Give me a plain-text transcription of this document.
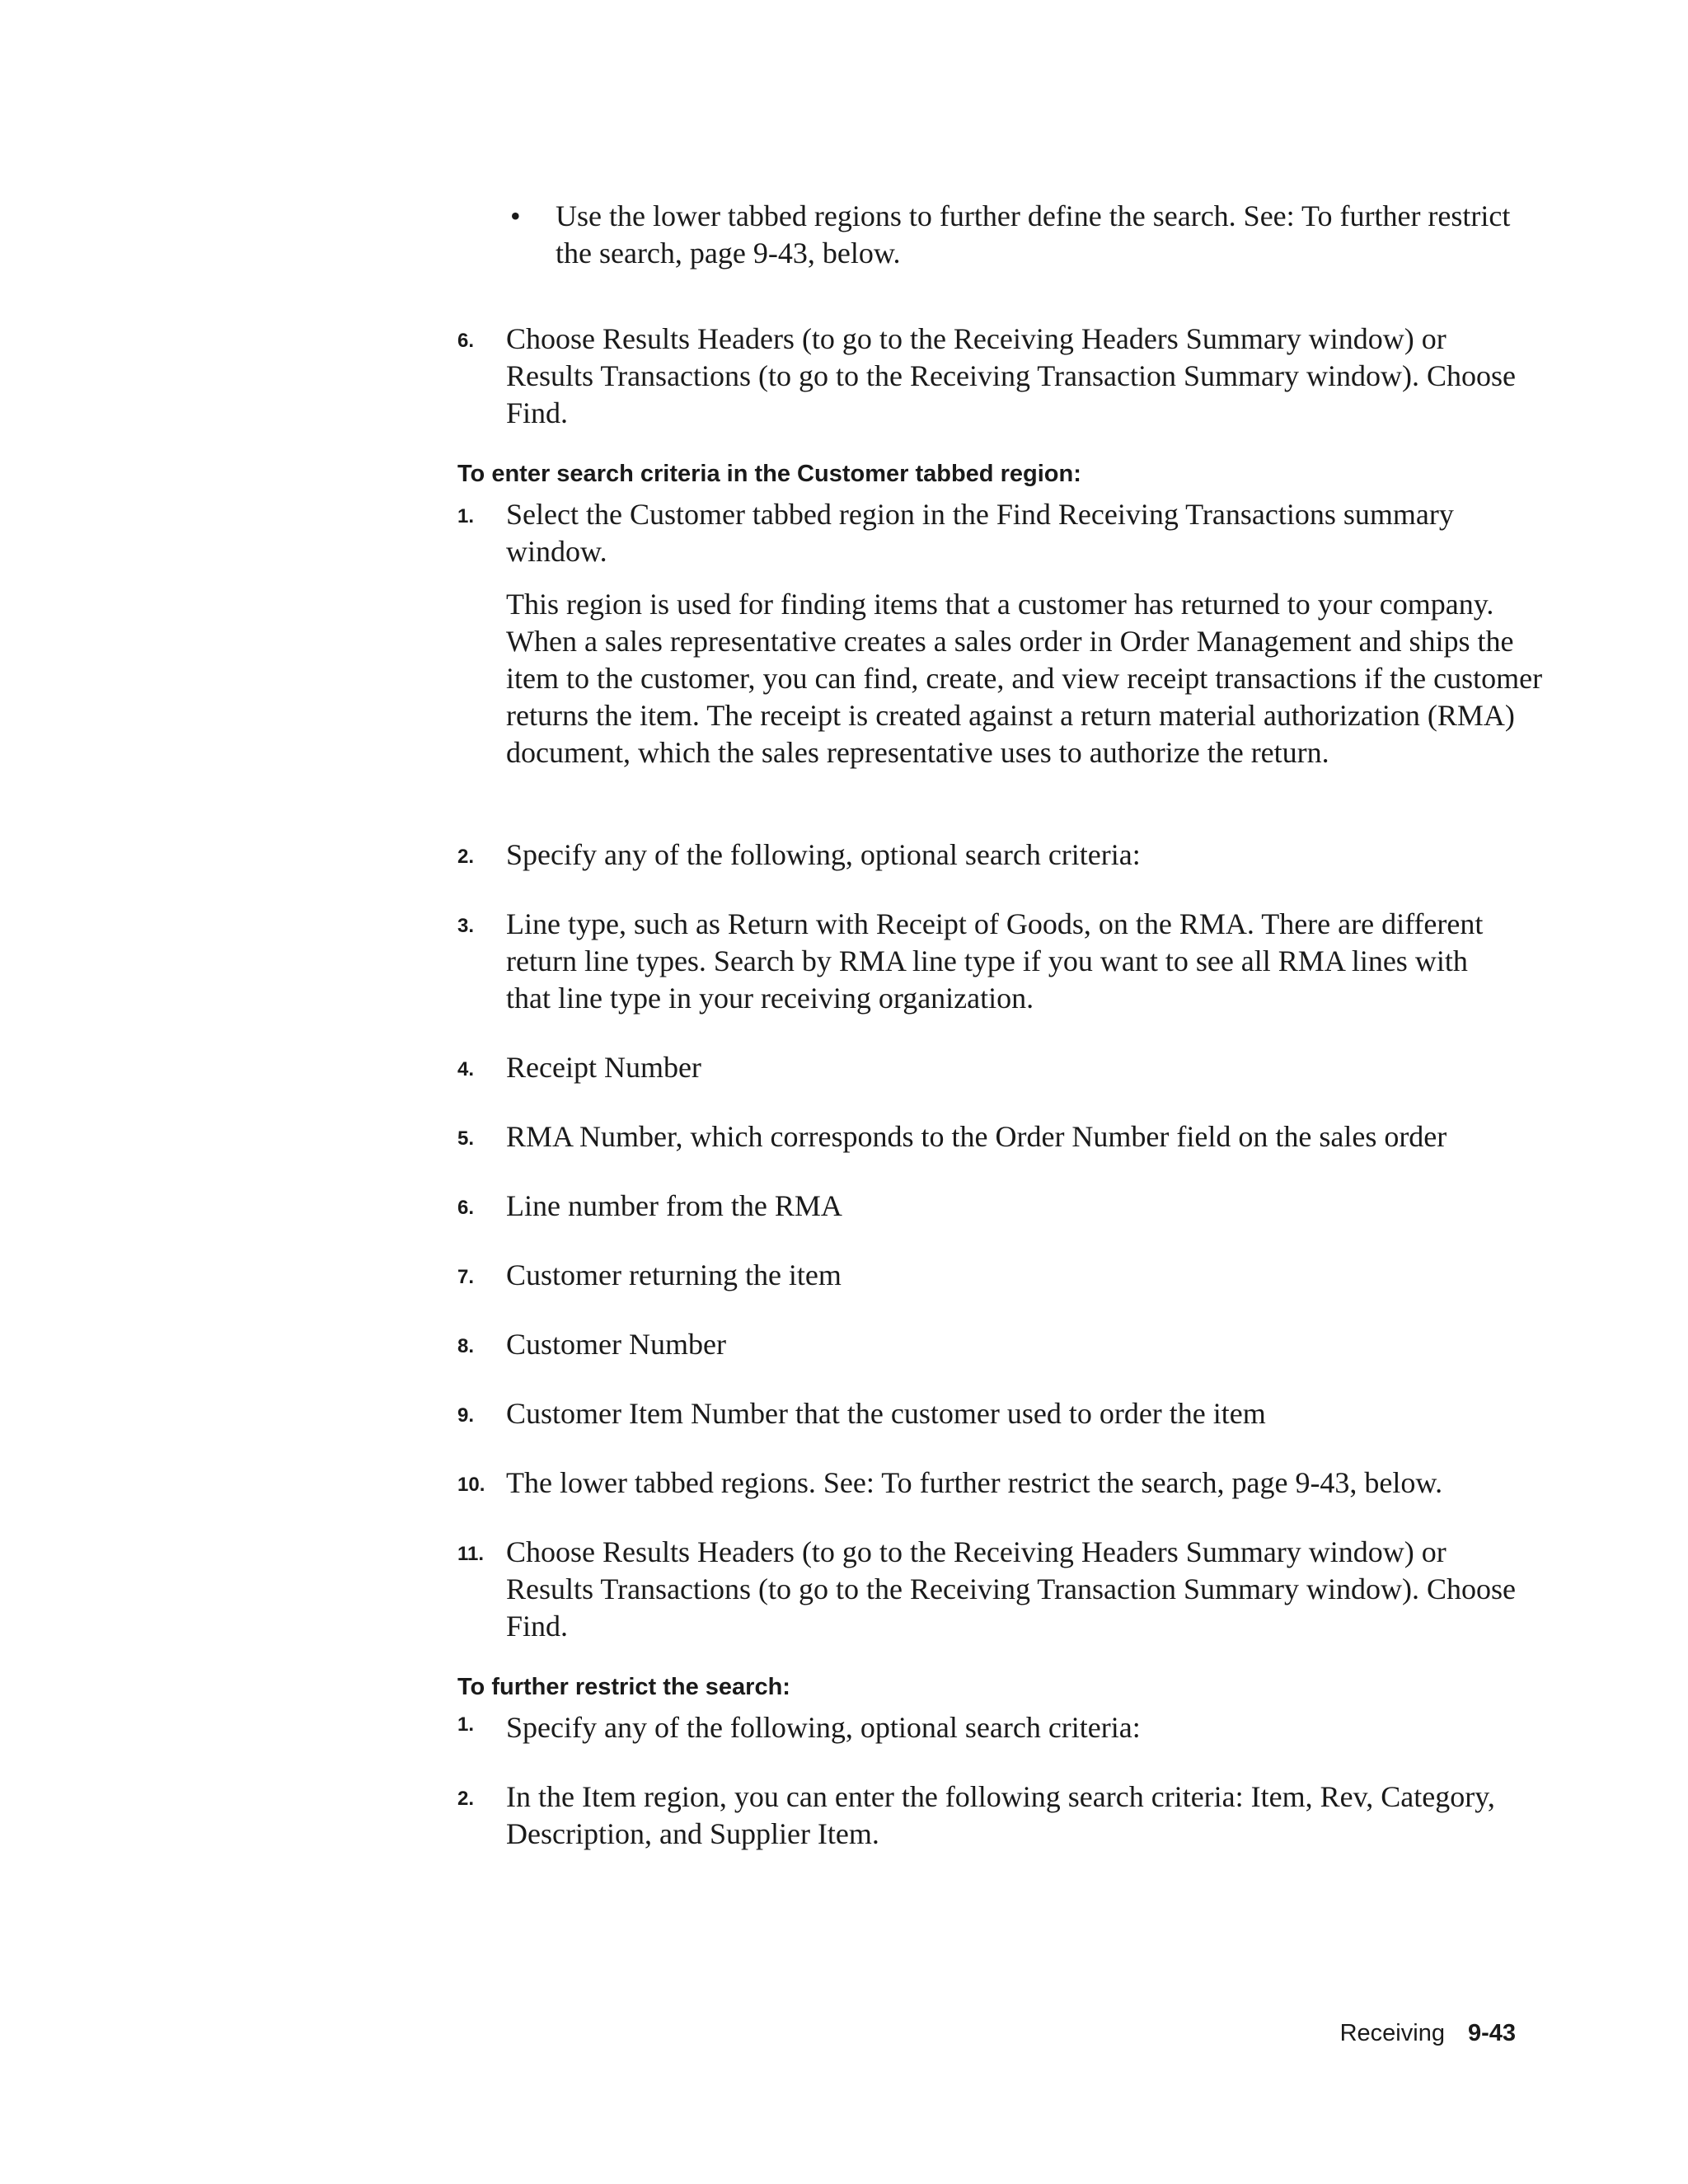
• Use the lower tabbed regions to further define the search. See: To further restrict the search, page 9-43, below.
6. Choose Results Headers (to go to the Receiving Headers Summary window) or Results Transactions (to go to the Receiving Transaction Summary window). Choose Find.
To enter search criteria in the Customer tabbed region:
1. Select the Customer tabbed region in the Find Receiving Transactions summary window.
This region is used for finding items that a customer has returned to your company. When a sales representative creates a sales order in Order Management and ships the item to the customer, you can find, create, and view receipt transactions if the customer returns the item. The receipt is created against a return material authorization (RMA) document, which the sales representative uses to authorize the return.
2. Specify any of the following, optional search criteria:
3. Line type, such as Return with Receipt of Goods, on the RMA. There are different return line types. Search by RMA line type if you want to see all RMA lines with that line type in your receiving organization.
4. Receipt Number
5. RMA Number, which corresponds to the Order Number field on the sales order
6. Line number from the RMA
7. Customer returning the item
8. Customer Number
9. Customer Item Number that the customer used to order the item
10. The lower tabbed regions. See: To further restrict the search, page 9-43, below.
11. Choose Results Headers (to go to the Receiving Headers Summary window) or Results Transactions (to go to the Receiving Transaction Summary window). Choose Find.
To further restrict the search:
1. Specify any of the following, optional search criteria:
2. In the Item region, you can enter the following search criteria: Item, Rev, Category, Description, and Supplier Item.
Receiving 9-43
